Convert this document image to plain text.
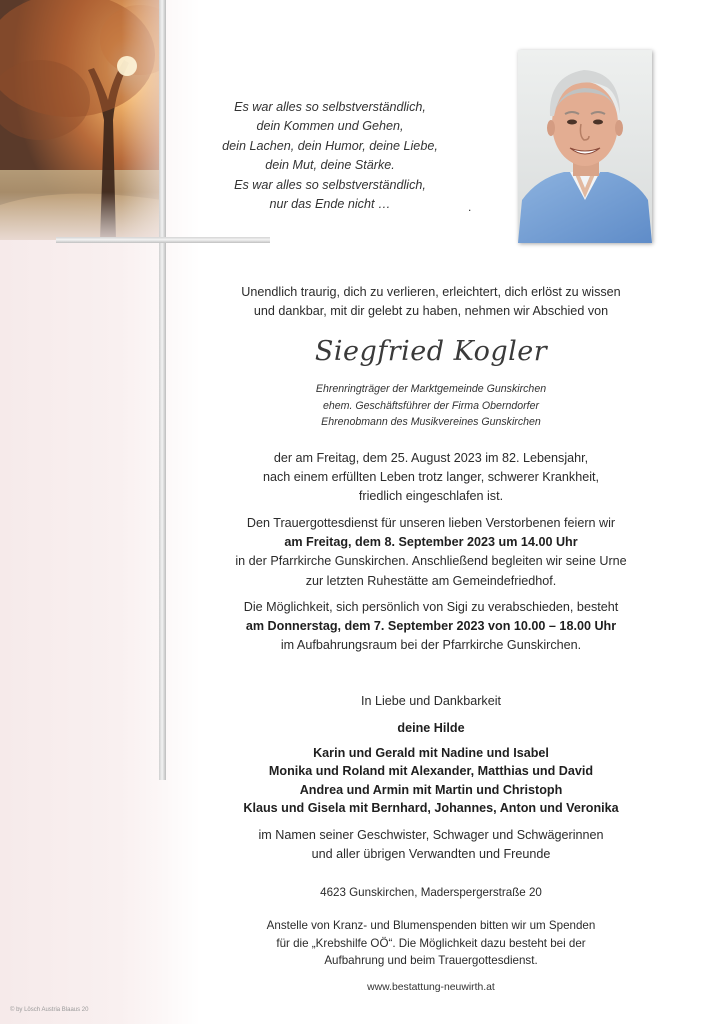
Es war alles so selbstverständlich,
dein Kommen und Gehen,
dein Lachen, dein Humor, deine Liebe,
dein Mut, deine Stärke.
Es war alles so selbstverständlich,
nur das Ende nicht …	.
Unendlich traurig, dich zu verlieren, erleichtert, dich erlöst zu wissen
und dankbar, mit dir gelebt zu haben, nehmen wir Abschied von
Siegfried Kogler
Ehrenringträger der Marktgemeinde Gunskirchen
ehem. Geschäftsführer der Firma Oberndorfer
Ehrenobmann des Musikvereines Gunskirchen
der am Freitag, dem 25. August 2023 im 82. Lebensjahr,
nach einem erfüllten Leben trotz langer, schwerer Krankheit,
friedlich eingeschlafen ist.
Den Trauergottesdienst für unseren lieben Verstorbenen feiern wir
am Freitag, dem 8. September 2023 um 14.00 Uhr
in der Pfarrkirche Gunskirchen. Anschließend begleiten wir seine Urne
zur letzten Ruhestätte am Gemeindefriedhof.
Die Möglichkeit, sich persönlich von Sigi zu verabschieden, besteht
am Donnerstag, dem 7. September 2023 von 10.00 – 18.00 Uhr
im Aufbahrungsraum bei der Pfarrkirche Gunskirchen.
In Liebe und Dankbarkeit
deine Hilde
Karin und Gerald mit Nadine und Isabel
Monika und Roland mit Alexander, Matthias und David
Andrea und Armin mit Martin und Christoph
Klaus und Gisela mit Bernhard, Johannes, Anton und Veronika
im Namen seiner Geschwister, Schwager und Schwägerinnen
und aller übrigen Verwandten und Freunde
4623 Gunskirchen, Maderspergerstraße 20
Anstelle von Kranz- und Blumenspenden bitten wir um Spenden
für die „Krebshilfe OÖ“. Die Möglichkeit dazu besteht bei der
Aufbahrung und beim Trauergottesdienst.
www.bestattung-neuwirth.at
© by Lösch Austria Blaaus 20
